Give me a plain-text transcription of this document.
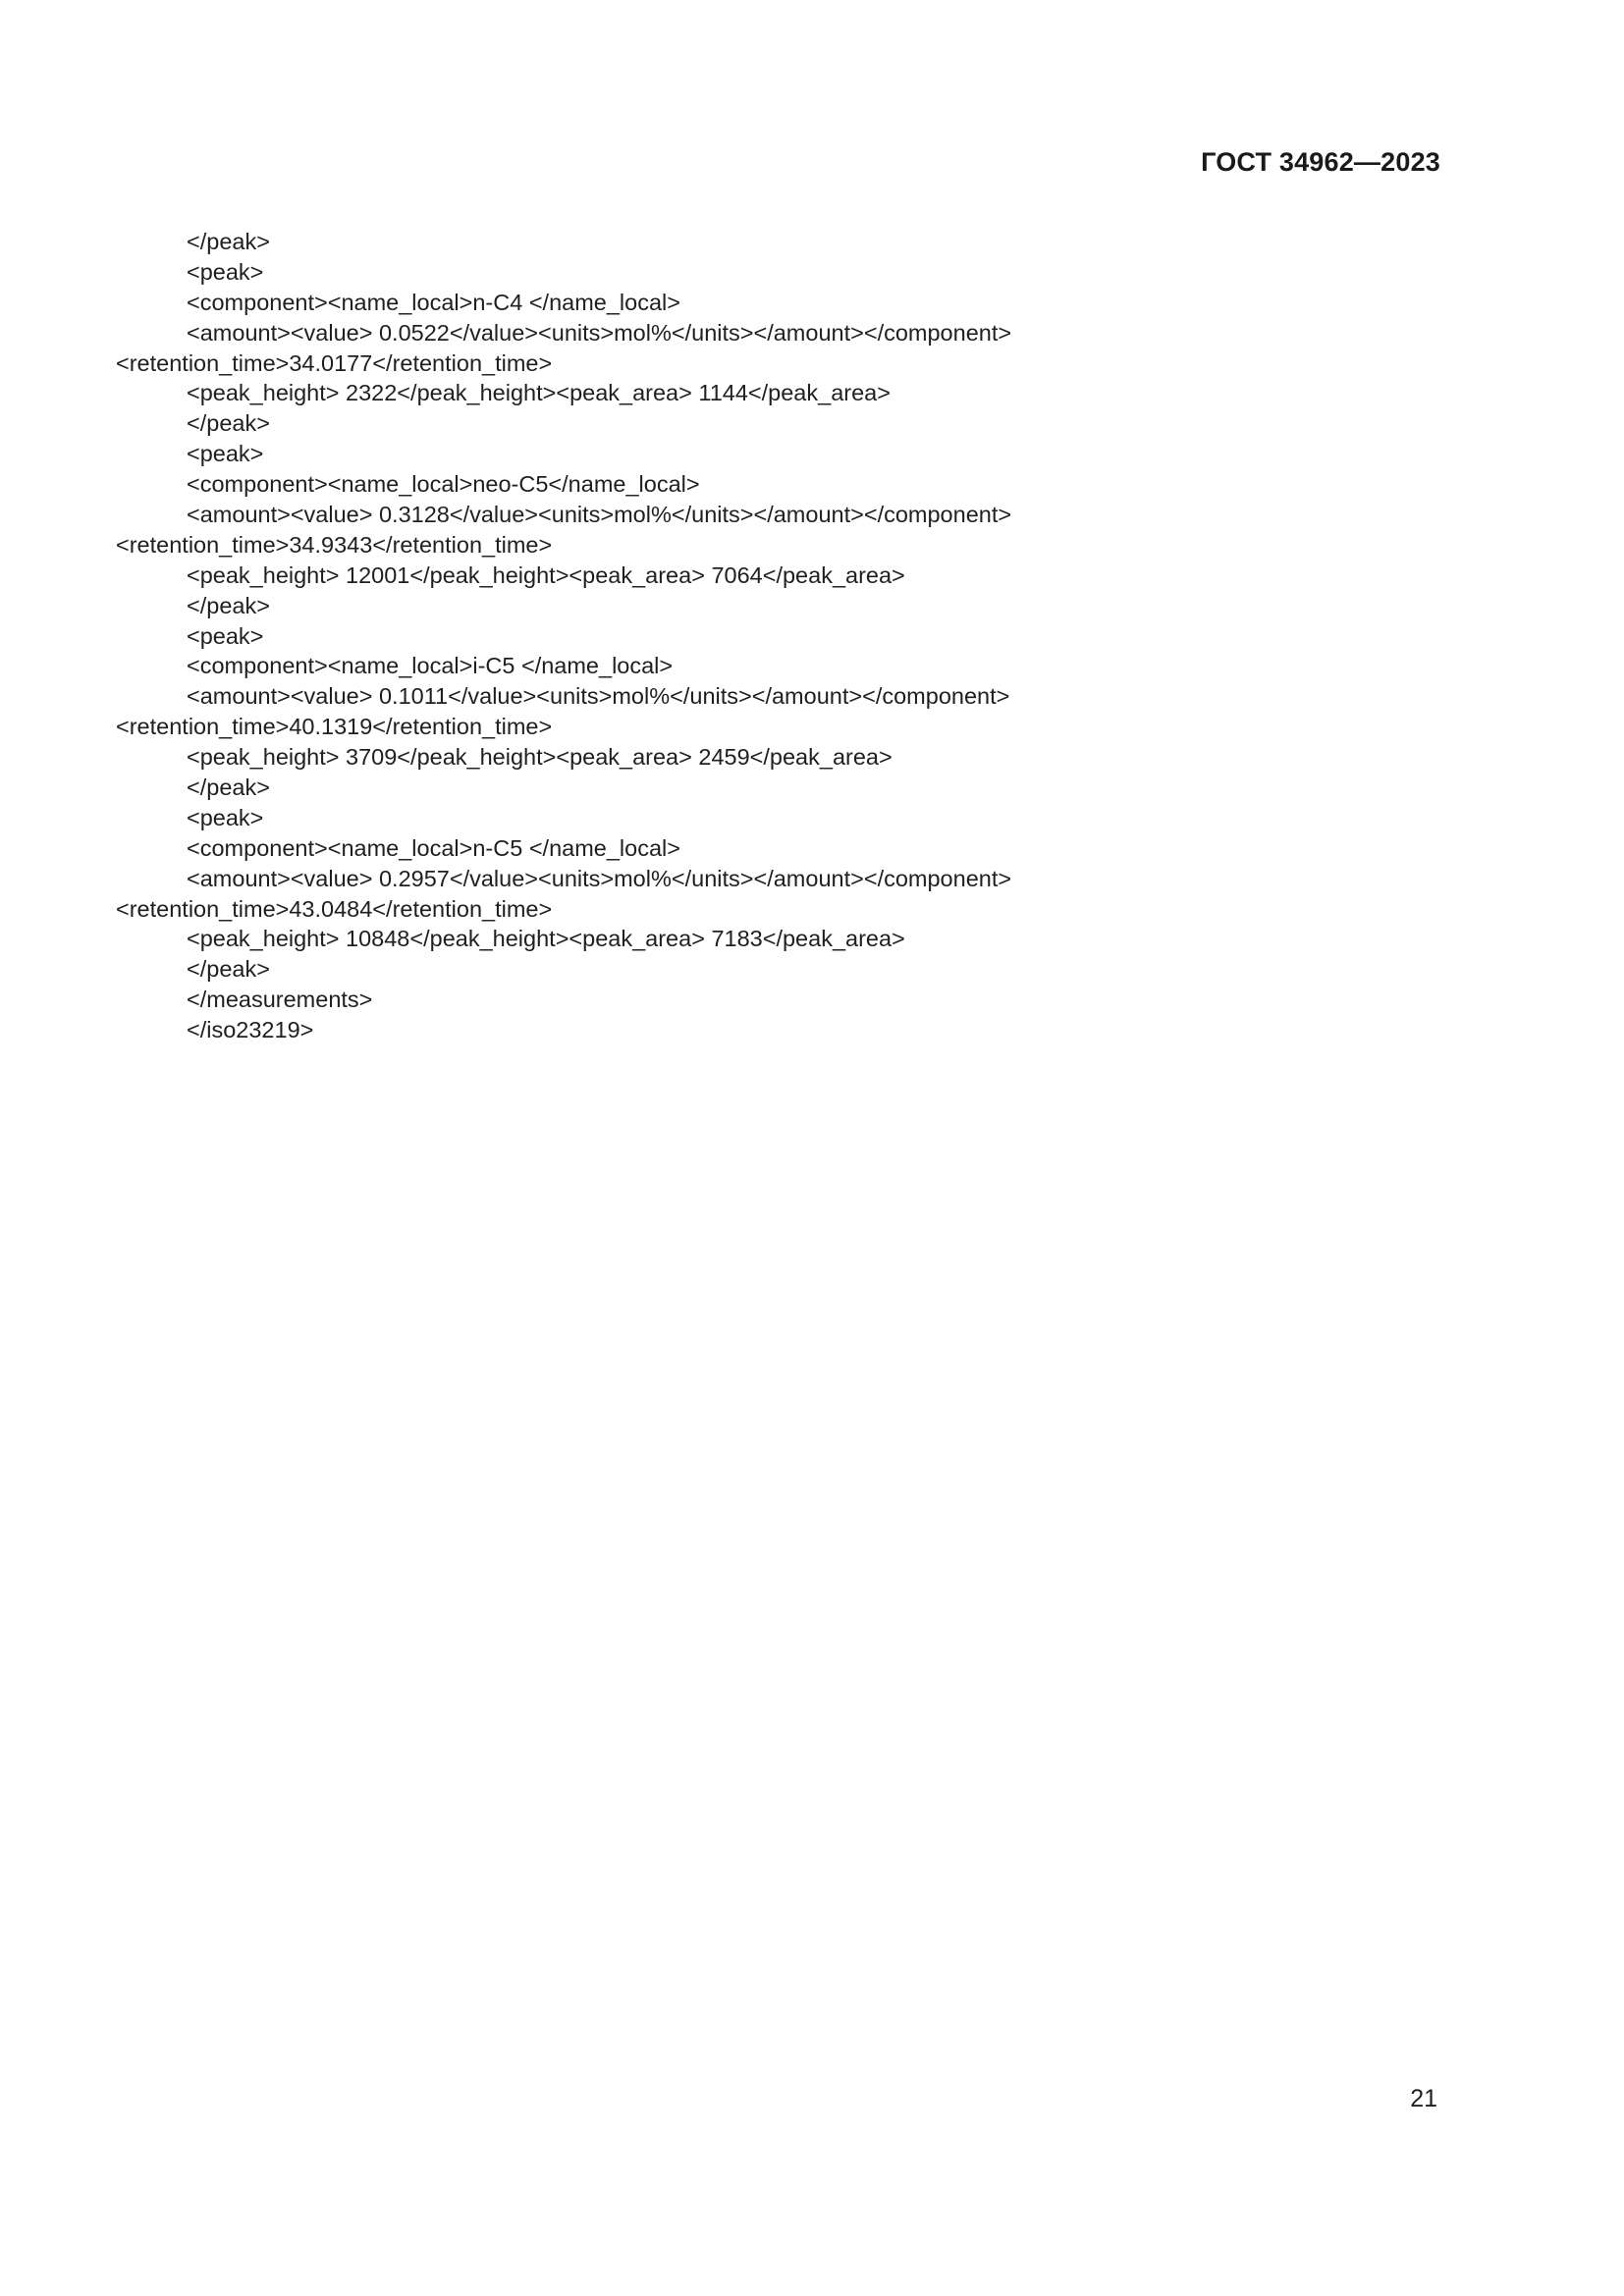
ГОСТ 34962—2023
</peak>
<peak>
<component><name_local>n-C4 </name_local>
<amount><value> 0.0522</value><units>mol%</units></amount></component>
<retention_time>34.0177</retention_time>
<peak_height> 2322</peak_height><peak_area> 1144</peak_area>
</peak>
<peak>
<component><name_local>neo-C5</name_local>
<amount><value> 0.3128</value><units>mol%</units></amount></component>
<retention_time>34.9343</retention_time>
<peak_height> 12001</peak_height><peak_area> 7064</peak_area>
</peak>
<peak>
<component><name_local>i-C5 </name_local>
<amount><value> 0.1011</value><units>mol%</units></amount></component>
<retention_time>40.1319</retention_time>
<peak_height> 3709</peak_height><peak_area> 2459</peak_area>
</peak>
<peak>
<component><name_local>n-C5 </name_local>
<amount><value> 0.2957</value><units>mol%</units></amount></component>
<retention_time>43.0484</retention_time>
<peak_height> 10848</peak_height><peak_area> 7183</peak_area>
</peak>
</measurements>
</iso23219>
21
